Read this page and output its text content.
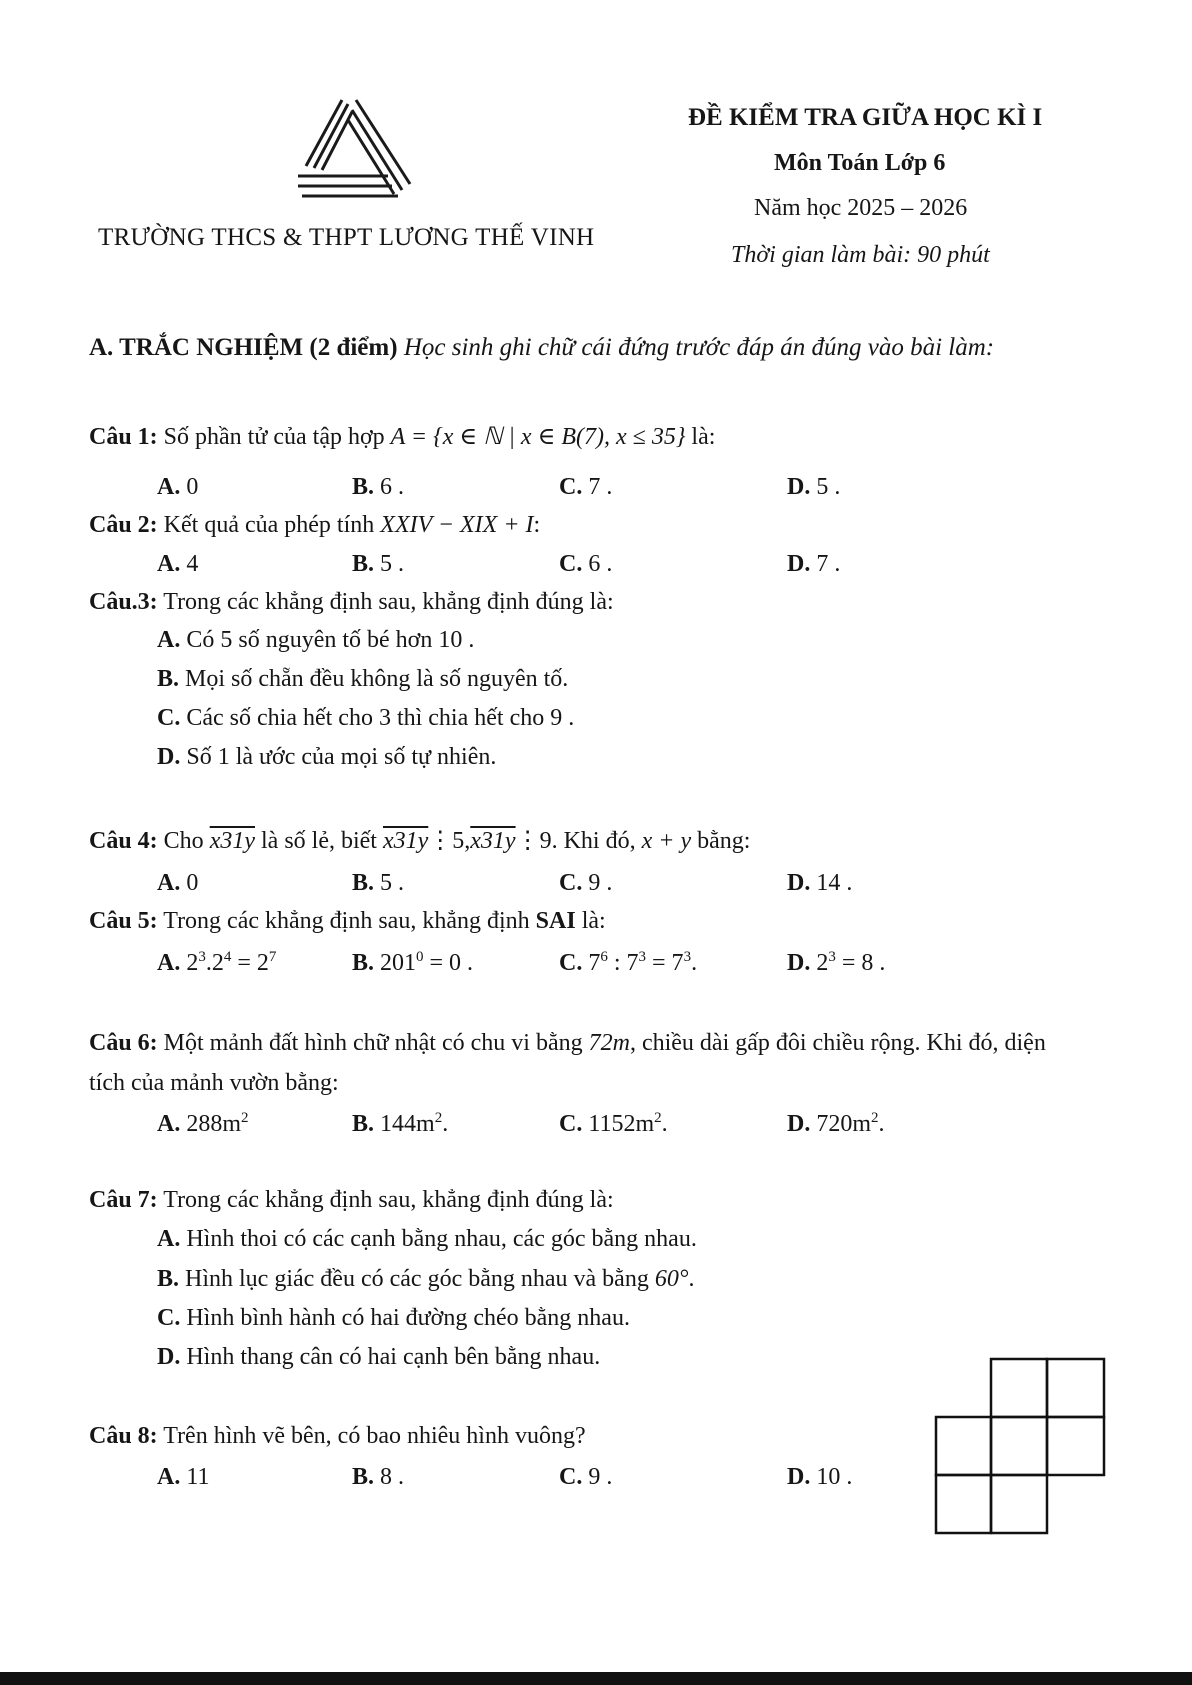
TRƯỜNG THCS & THPT LƯƠNG THẾ VINH
ĐỀ KIỂM TRA GIỮA HỌC KÌ I
Môn Toán Lớp 6
Năm học 2025 – 2026
Thời gian làm bài: 90 phút
A. TRẮC NGHIỆM (2 điểm) Học sinh ghi chữ cái đứng trước đáp án đúng vào bài làm:
Câu 1: Số phần tử của tập hợp A = {x ∈ ℕ | x ∈ B(7), x ≤ 35} là:
A. 0	B. 6 .	C. 7 .	D. 5 .
Câu 2: Kết quả của phép tính XXIV − XIX + I:
A. 4	B. 5 .	C. 6 .	D. 7 .
Câu.3: Trong các khẳng định sau, khẳng định đúng là:
A. Có 5 số nguyên tố bé hơn 10 .
B. Mọi số chẵn đều không là số nguyên tố.
C. Các số chia hết cho 3 thì chia hết cho 9 .
D. Số 1 là ước của mọi số tự nhiên.
Câu 4: Cho x31y là số lẻ, biết x31y⋮5,x31y⋮9. Khi đó, x + y bằng:
A. 0	B. 5 .	C. 9 .	D. 14 .
Câu 5: Trong các khẳng định sau, khẳng định SAI là:
A. $2^3.2^4 = 2^7$	B. $201^0 = 0$ .	C. $7^6$ : $7^3 = 7^3$.	D. $2^3 = 8$ .
Câu 6: Một mảnh đất hình chữ nhật có chu vi bằng 72m, chiều dài gấp đôi chiều rộng. Khi đó, diện
tích của mảnh vườn bằng:
A. $288m^2$	B. $144m^2$.	C. $1152m^2$.	D. $720m^2$.
Câu 7: Trong các khẳng định sau, khẳng định đúng là:
A. Hình thoi có các cạnh bằng nhau, các góc bằng nhau.
B. Hình lục giác đều có các góc bằng nhau và bằng 60°.
C. Hình bình hành có hai đường chéo bằng nhau.
D. Hình thang cân có hai cạnh bên bằng nhau.
Câu 8: Trên hình vẽ bên, có bao nhiêu hình vuông?
A. 11	B. 8 .	C. 9 .	D. 10 .
